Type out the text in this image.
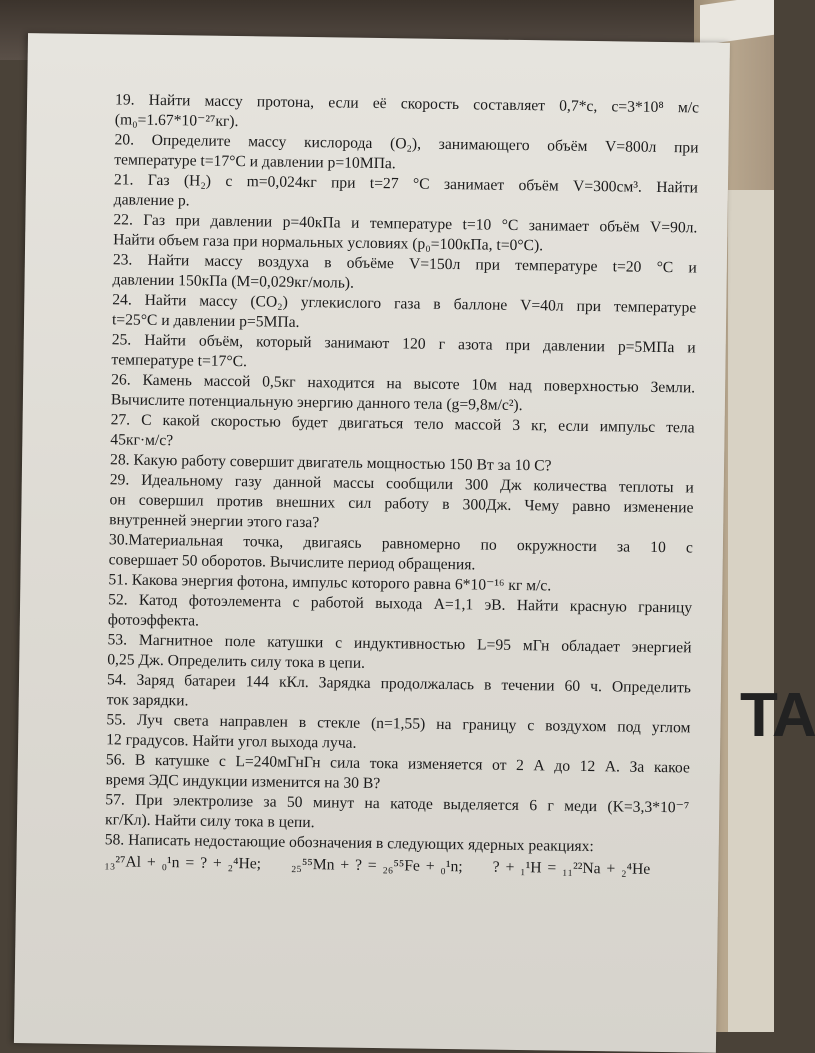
ТА
19. Найти массу протона, если её скорость составляет 0,7*с, с=3*10⁸ м/с
(m₀=1.67*10⁻²⁷кг).
20. Определите массу кислорода (O₂), занимающего объём V=800л при
температуре t=17°С и давлении p=10МПа.
21. Газ (H₂) с m=0,024кг при t=27 °С занимает объём V=300см³. Найти
давление р.
22. Газ при давлении p=40кПа и температуре t=10 °С занимает объём V=90л.
Найти объем газа при нормальных условиях (p₀=100кПа, t=0°С).
23. Найти массу воздуха в объёме V=150л при температуре t=20 °С и
давлении 150кПа (M=0,029кг/моль).
24. Найти массу (CO₂) углекислого газа в баллоне V=40л при температуре
t=25°С и давлении p=5МПа.
25. Найти объём, который занимают 120 г азота при давлении p=5МПа и
температуре t=17°С.
26. Камень массой 0,5кг находится на высоте 10м над поверхностью Земли.
Вычислите потенциальную энергию данного тела (g=9,8м/с²).
27. С какой скоростью будет двигаться тело массой 3 кг, если импульс тела
45кг·м/с?
28. Какую работу совершит двигатель мощностью 150 Вт за 10 С?
29. Идеальному газу данной массы сообщили 300 Дж количества теплоты и
он совершил против внешних сил работу в 300Дж. Чему равно изменение
внутренней энергии этого газа?
30.Материальная точка, двигаясь равномерно по окружности за 10 с
совершает 50 оборотов. Вычислите период обращения.
51. Какова энергия фотона, импульс которого равна 6*10⁻¹⁶ кг м/с.
52. Катод фотоэлемента с работой выхода A=1,1 эВ. Найти красную границу
фотоэффекта.
53. Магнитное поле катушки с индуктивностью L=95 мГн обладает энергией
0,25 Дж. Определить силу тока в цепи.
54. Заряд батареи 144 кКл. Зарядка продолжалась в течении 60 ч. Определить
ток зарядки.
55. Луч света направлен в стекле (n=1,55) на границу с воздухом под углом
12 градусов. Найти угол выхода луча.
56. В катушке с L=240мГнГн сила тока изменяется от 2 А до 12 А. За какое
время ЭДС индукции изменится на 30 В?
57. При электролизе за 50 минут на катоде выделяется 6 г меди (K=3,3*10⁻⁷
кг/Кл). Найти силу тока в цепи.
58. Написать недостающие обозначения в следующих ядерных реакциях:
₁₃²⁷Al + ₀¹n = ? + ₂⁴He; ₂₅⁵⁵Mn + ? = ₂₆⁵⁵Fe + ₀¹n; ? + ₁¹H = ₁₁²²Na + ₂⁴He
